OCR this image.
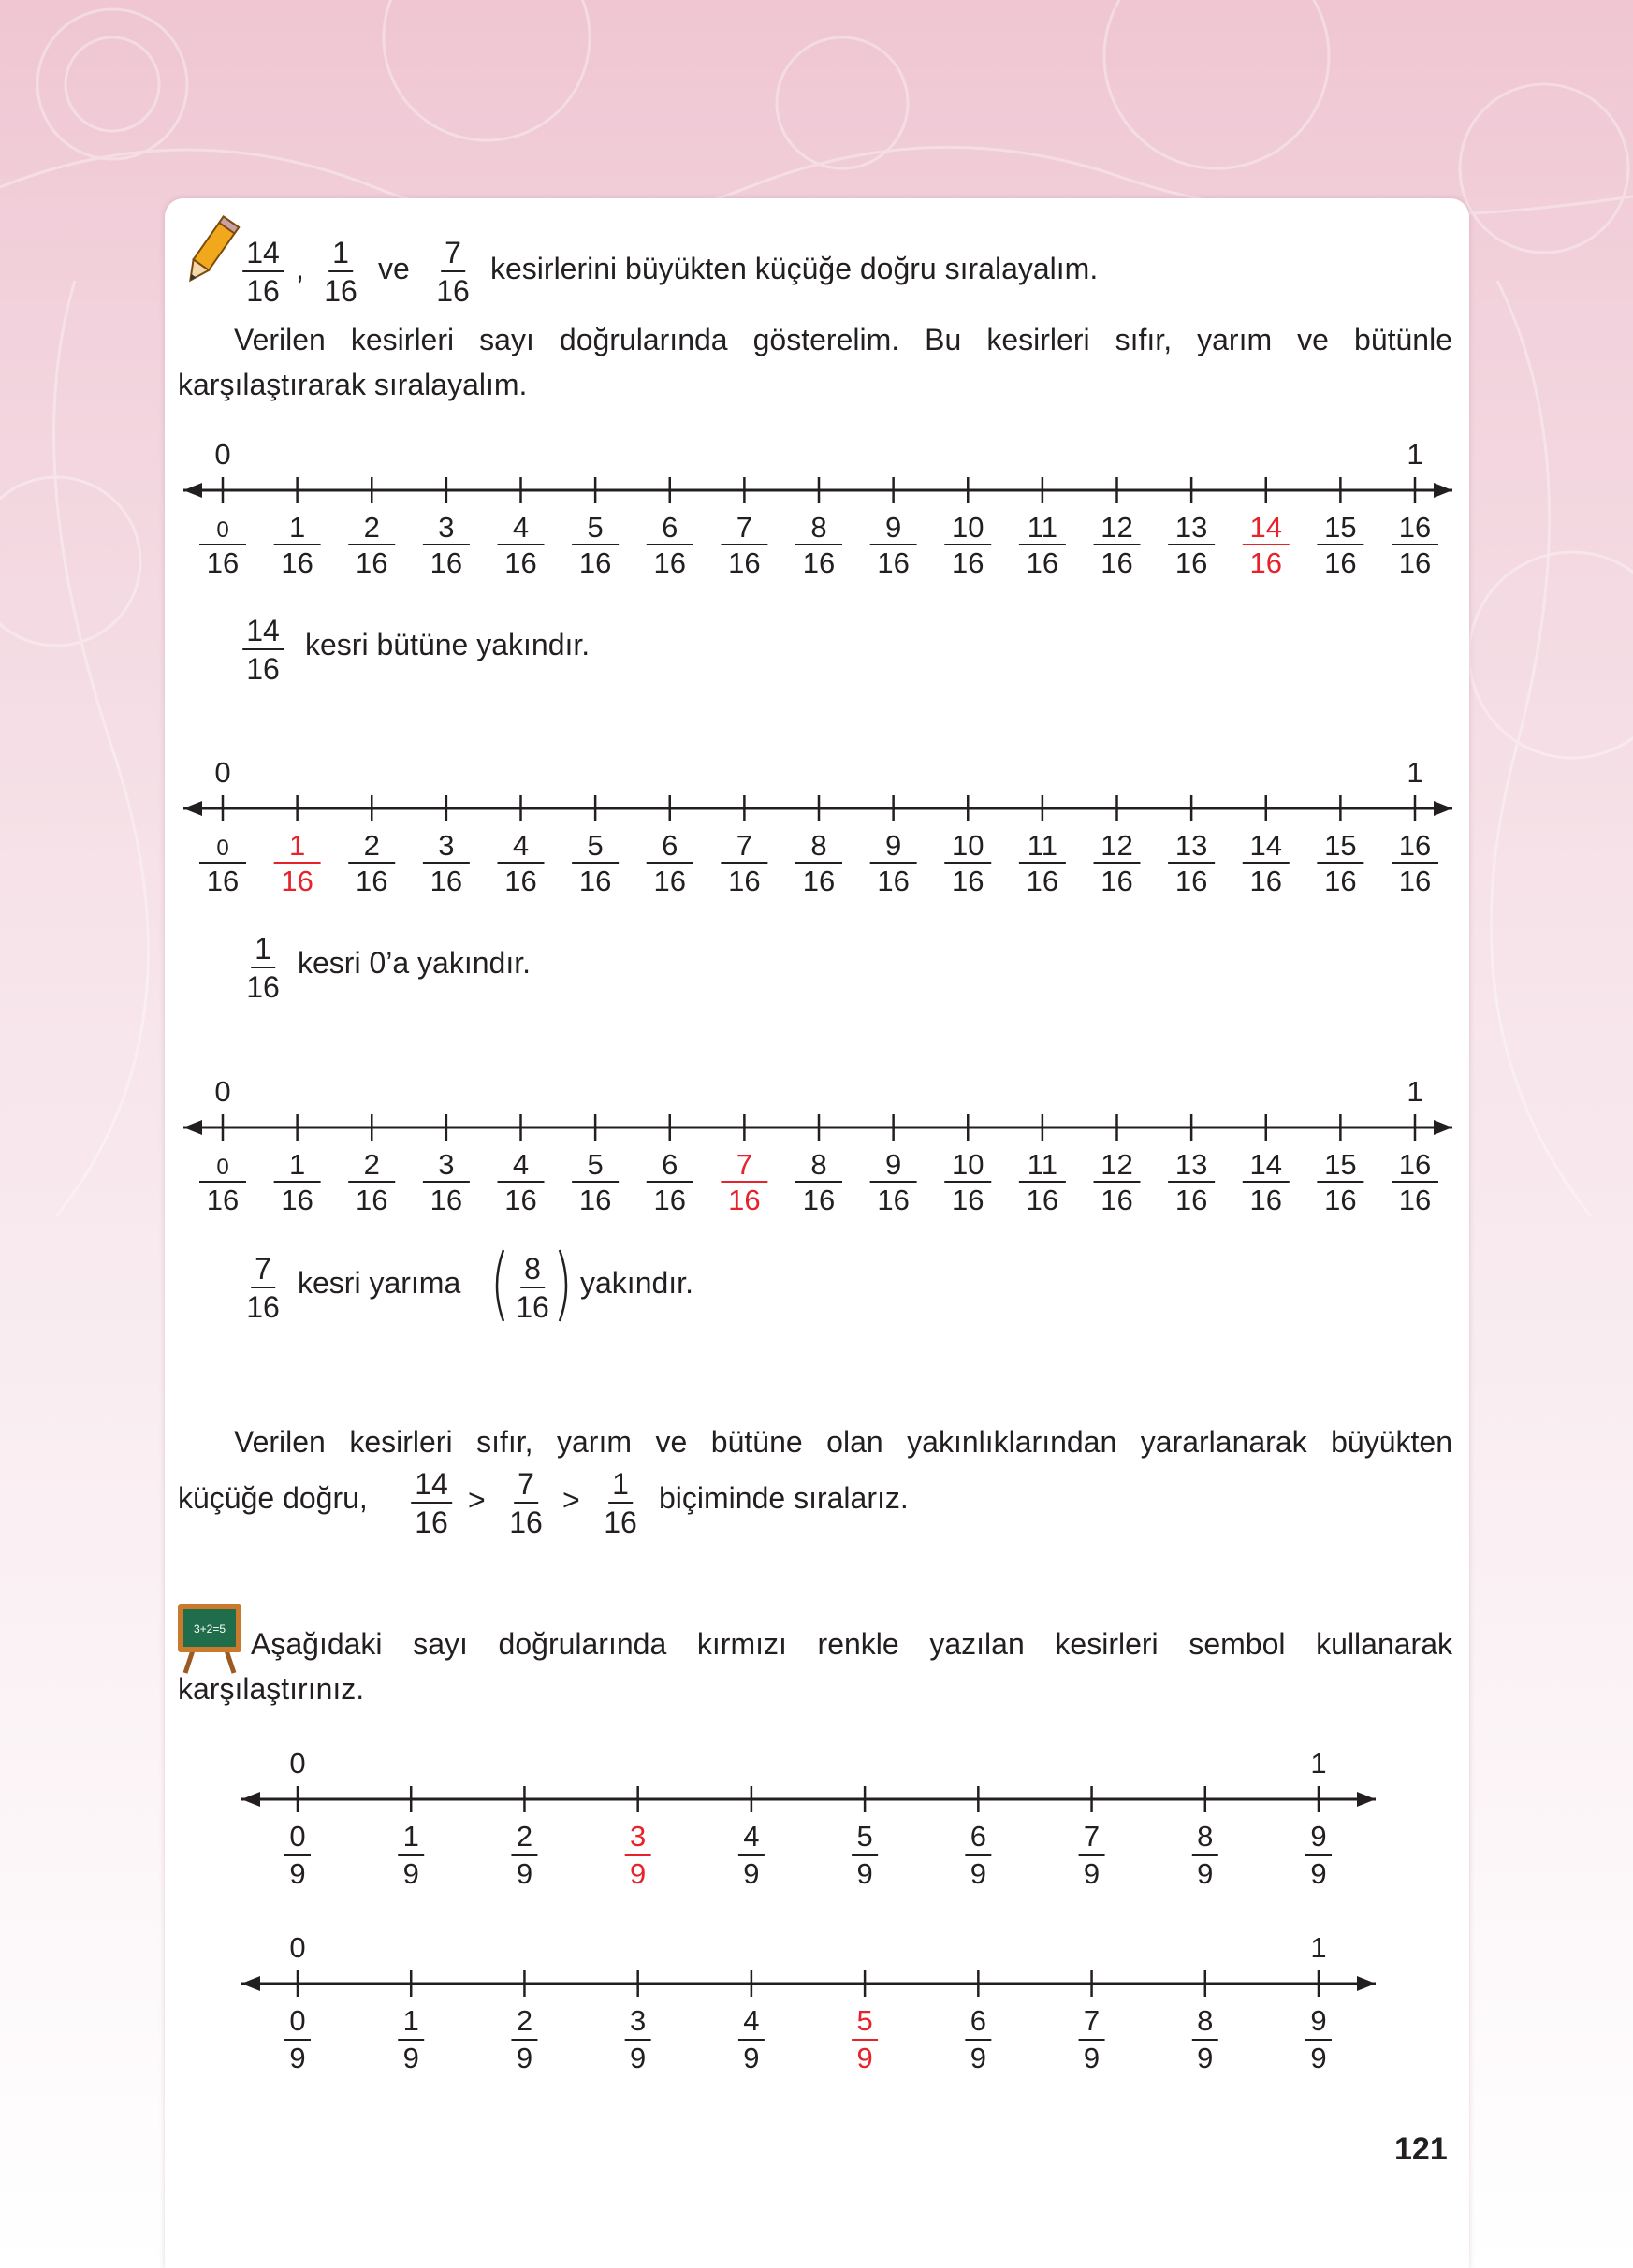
$\frac{14}{16}$ , $\frac{1}{16}$ ve $\frac{7}{16}$ kesirlerini büyükten küçüğe doğru sıralayalım.
Verilen kesirleri sayı doğrularında gösterelim. Bu kesirleri sıfır, yarım ve bütünle
karşılaştırarak sıralayalım.
0
16
1
16
2
16
3
16
4
16
5
16
6
16
7
16
8
16
9
16
10
16
11
16
12
16
13
16
14
16
15
16
16
16
0	1
0
16
1
16
2
16
3
16
4
16
5
16
6
16
7
16
8
16
9
16
10
16
11
16
12
16
13
16
14
16
15
16
16
16
0	1
0
16
1
16
2
16
3
16
4
16
5
16
6
16
7
16
8
16
9
16
10
16
11
16
12
16
13
16
14
16
15
16
16
16
0	1
$\frac{14}{16}$ kesri bütüne yakındır.
$\frac{1}{16}$ kesri 0’a yakındır.
$\frac{7}{16}$ kesri yarıma $\frac{8}{16}$ yakındır.
Verilen kesirleri sıfır, yarım ve bütüne olan yakınlıklarından yararlanarak büyükten
küçüğe doğru, $\frac{14}{16} > \frac{7}{16} > \frac{1}{16}$ biçiminde sıralarız.
3+2=5 Aşağıdaki sayı doğrularında kırmızı renkle yazılan kesirleri sembol kullanarak
karşılaştırınız.
0
9
1
9
2
9
3
9
4
9
5
9
6
9
7
9
8
9
9
9
0	1
0
9
1
9
2
9
3
9
4
9
5
9
6
9
7
9
8
9
9
9
0	1
121
